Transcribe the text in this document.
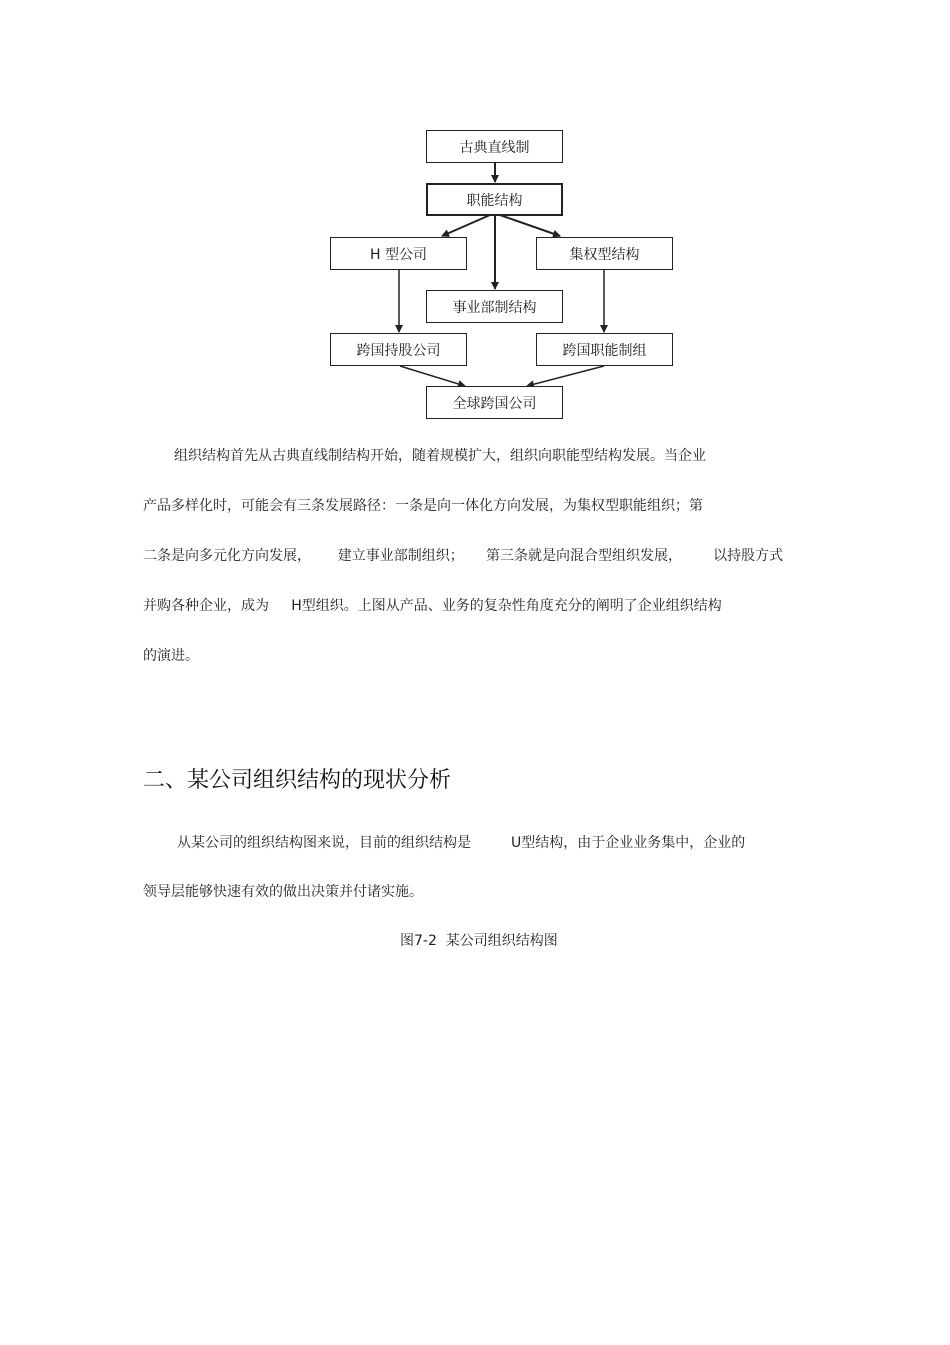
古典直线制
职能结构
H 型公司	集权型结构
事业部制结构
跨国持股公司	跨国职能制组
全球跨国公司
组织结构首先从古典直线制结构开始，随着规模扩大，组织向职能型结构发展。当企业
产品多样化时，可能会有三条发展路径：一条是向一体化方向发展，为集权型职能组织；第
二条是向多元化方向发展，      建立事业部制组织；     第三条就是向混合型组织发展，       以持股方式
并购各种企业，成为     H型组织。上图从产品、业务的复杂性角度充分的阐明了企业组织结构
的演进。
二、某公司组织结构的现状分析
从某公司的组织结构图来说，目前的组织结构是         U型结构，由于企业业务集中，企业的
领导层能够快速有效的做出决策并付诸实施。
图7-2  某公司组织结构图
